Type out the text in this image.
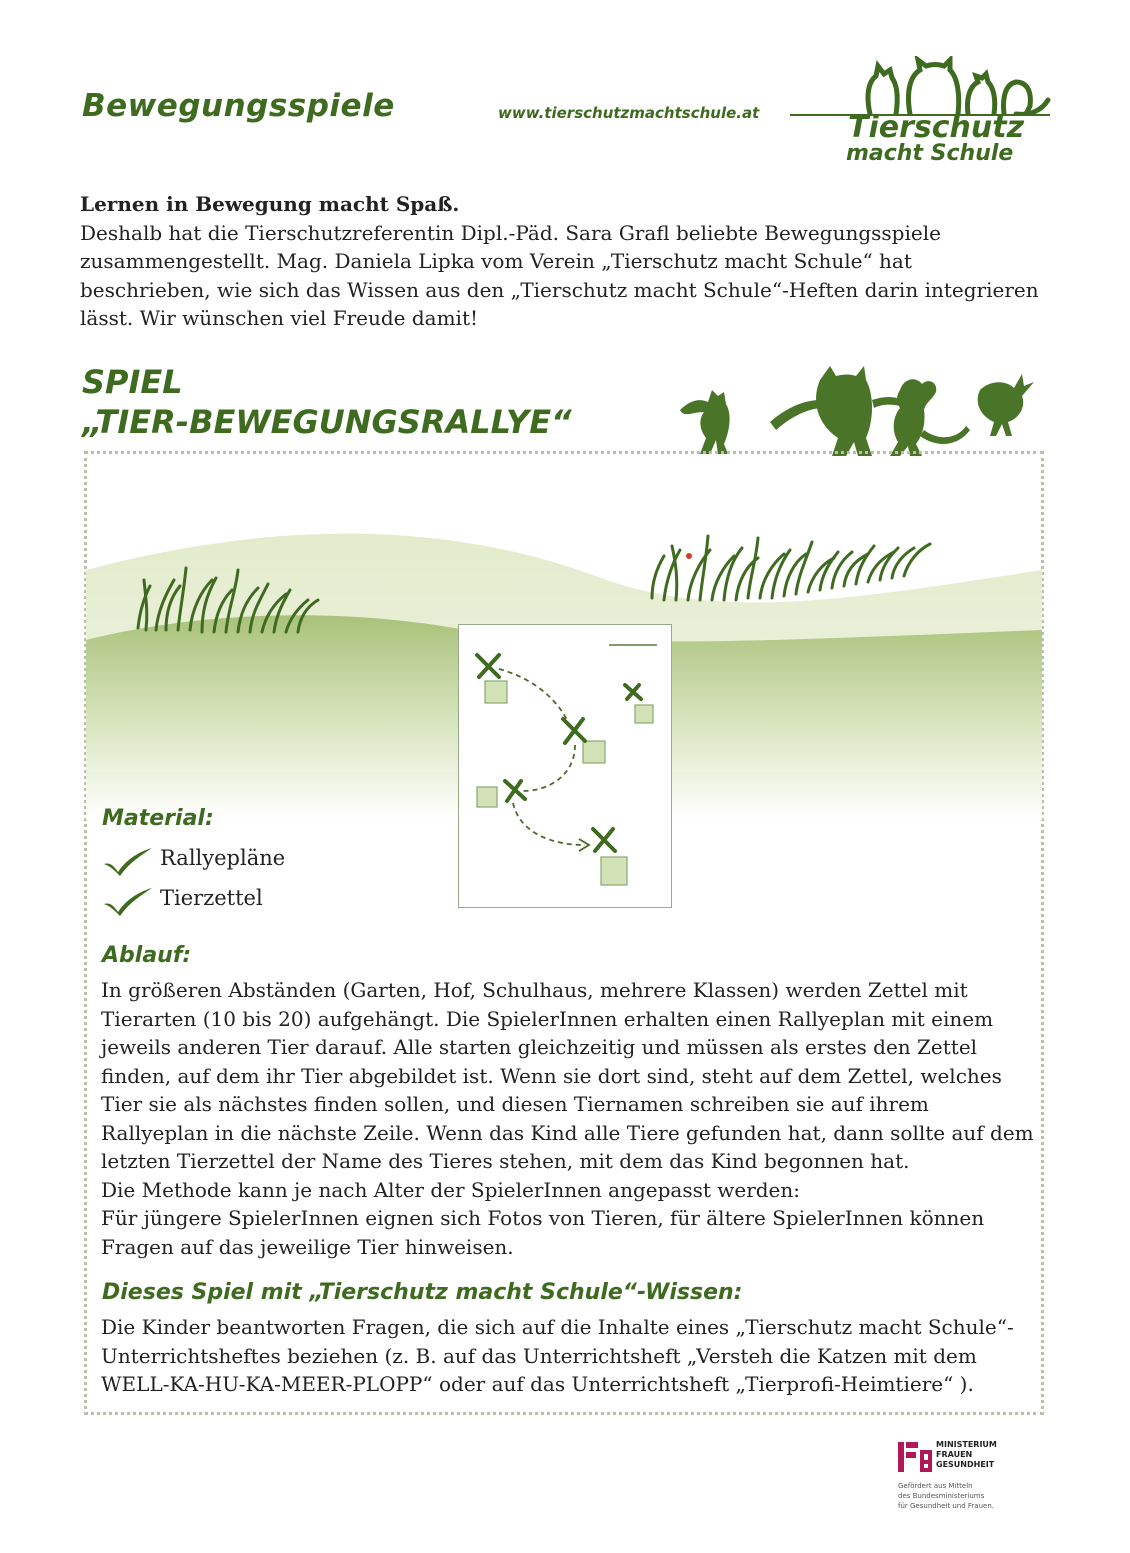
Bewegungsspiele	www.tierschutzmachtschule.at	Tierschutz
macht Schule
Lernen in Bewegung macht Spaß.
Deshalb hat die Tierschutzreferentin Dipl.-Päd. Sara Grafl beliebte Bewegungsspiele zusammengestellt. Mag. Daniela Lipka vom Verein „Tierschutz macht Schule“ hat beschrieben, wie sich das Wissen aus den „Tierschutz macht Schule“-Heften darin integrieren lässt. Wir wünschen viel Freude damit!
SPIEL
„TIER-BEWEGUNGSRALLYE“
Material:
Rallyepläne
Tierzettel
Ablauf:
In größeren Abständen (Garten, Hof, Schulhaus, mehrere Klassen) werden Zettel mit Tierarten (10 bis 20) aufgehängt. Die SpielerInnen erhalten einen Rallyeplan mit einem jeweils anderen Tier darauf. Alle starten gleichzeitig und müssen als erstes den Zettel finden, auf dem ihr Tier abgebildet ist. Wenn sie dort sind, steht auf dem Zettel, welches Tier sie als nächstes finden sollen, und diesen Tiernamen schreiben sie auf ihrem Rallyeplan in die nächste Zeile. Wenn das Kind alle Tiere gefunden hat, dann sollte auf dem letzten Tierzettel der Name des Tieres stehen, mit dem das Kind begonnen hat.
Die Methode kann je nach Alter der SpielerInnen angepasst werden:
Für jüngere SpielerInnen eignen sich Fotos von Tieren, für ältere SpielerInnen können Fragen auf das jeweilige Tier hinweisen.
Dieses Spiel mit „Tierschutz macht Schule“-Wissen:
Die Kinder beantworten Fragen, die sich auf die Inhalte eines „Tierschutz macht Schule“-Unterrichtsheftes beziehen (z. B. auf das Unterrichtsheft „Versteh die Katzen mit dem WELL-KA-HU-KA-MEER-PLOPP“ oder auf das Unterrichtsheft „Tierprofi-Heimtiere“ ).
MINISTERIUM
FRAUEN
GESUNDHEIT
Gefördert aus Mitteln
des Bundesministeriums
für Gesundheit und Frauen.
